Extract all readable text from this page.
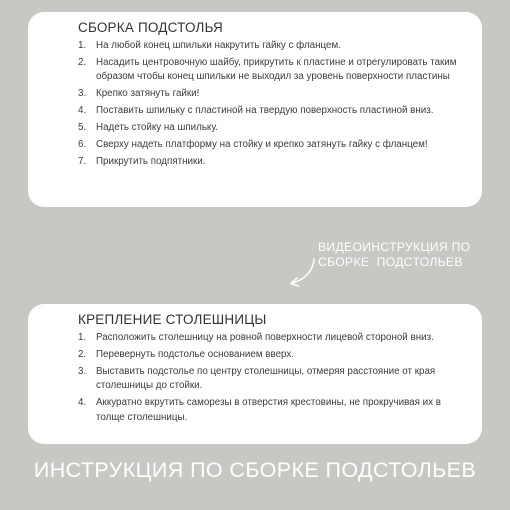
СБОРКА ПОДСТОЛЬЯ
1. На любой конец шпильки накрутить гайку с фланцем.
2. Насадить центровочную шайбу, прикрутить к пластине и отрегулировать таким образом чтобы конец шпильки не выходил за уровень поверхности пластины
3. Крепко затянуть гайки!
4. Поставить шпильку с пластиной на твердую поверхность пластиной вниз.
5. Надеть стойку на шпильку.
6. Сверху надеть платформу на стойку и крепко затянуть гайку с фланцем!
7. Прикрутить подпятники.
ВИДЕОИНСТРУКЦИЯ ПО
СБОРКЕ  ПОДСТОЛЬЕВ
КРЕПЛЕНИЕ СТОЛЕШНИЦЫ
1. Расположить столешницу на ровной поверхности лицевой стороной вниз.
2. Перевернуть подстолье основанием вверх.
3. Выставить подстолье по центру столешницы, отмеряя расстояние от края столешницы до стойки.
4. Аккуратно вкрутить саморезы в отверстия крестовины, не прокручивая их в толще столешницы.
ИНСТРУКЦИЯ ПО СБОРКЕ ПОДСТОЛЬЕВ
